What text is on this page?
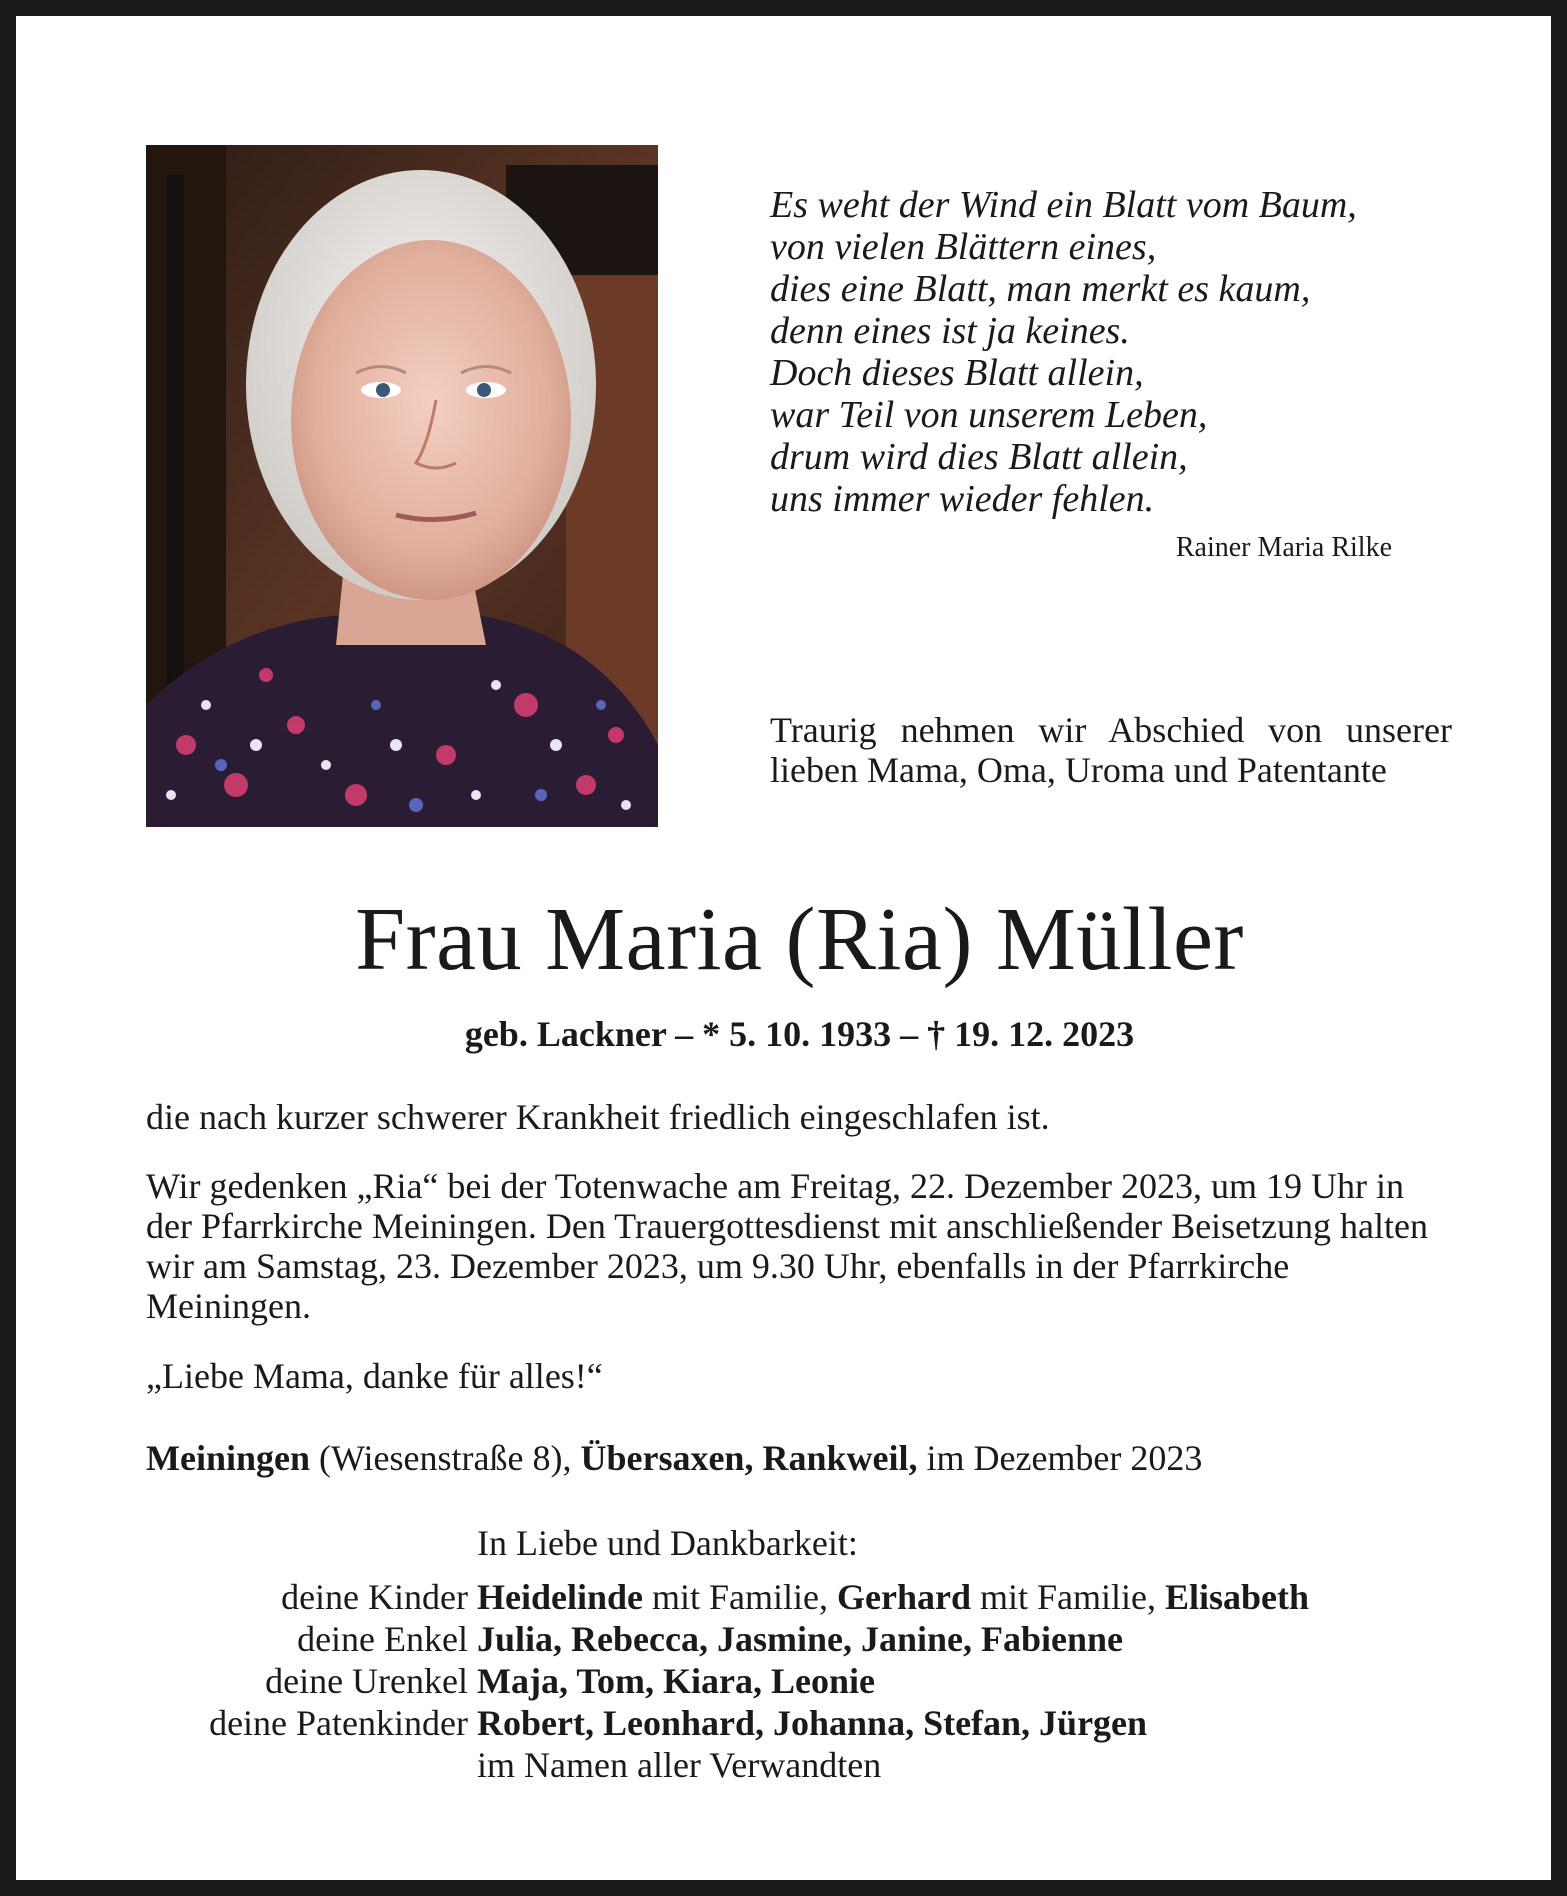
Es weht der Wind ein Blatt vom Baum,
von vielen Blättern eines,
dies eine Blatt, man merkt es kaum,
denn eines ist ja keines.
Doch dieses Blatt allein,
war Teil von unserem Leben,
drum wird dies Blatt allein,
uns immer wieder fehlen.
Rainer Maria Rilke
Traurig nehmen wir Abschied von unserer lieben Mama, Oma, Uroma und Patentante
Frau Maria (Ria) Müller
geb. Lackner – * 5. 10. 1933 – † 19. 12. 2023
die nach kurzer schwerer Krankheit friedlich eingeschlafen ist.
Wir gedenken „Ria“ bei der Totenwache am Freitag, 22. Dezember 2023, um 19 Uhr in der Pfarrkirche Meiningen. Den Trauergottesdienst mit anschließender Beisetzung halten wir am Samstag, 23. Dezember 2023, um 9.30 Uhr, ebenfalls in der Pfarrkirche Meiningen.
„Liebe Mama, danke für alles!“
Meiningen (Wiesenstraße 8), Übersaxen, Rankweil, im Dezember 2023
In Liebe und Dankbarkeit:
deine Kinder Heidelinde mit Familie, Gerhard mit Familie, Elisabeth
deine Enkel Julia, Rebecca, Jasmine, Janine, Fabienne
deine Urenkel Maja, Tom, Kiara, Leonie
deine Patenkinder Robert, Leonhard, Johanna, Stefan, Jürgen
im Namen aller Verwandten
